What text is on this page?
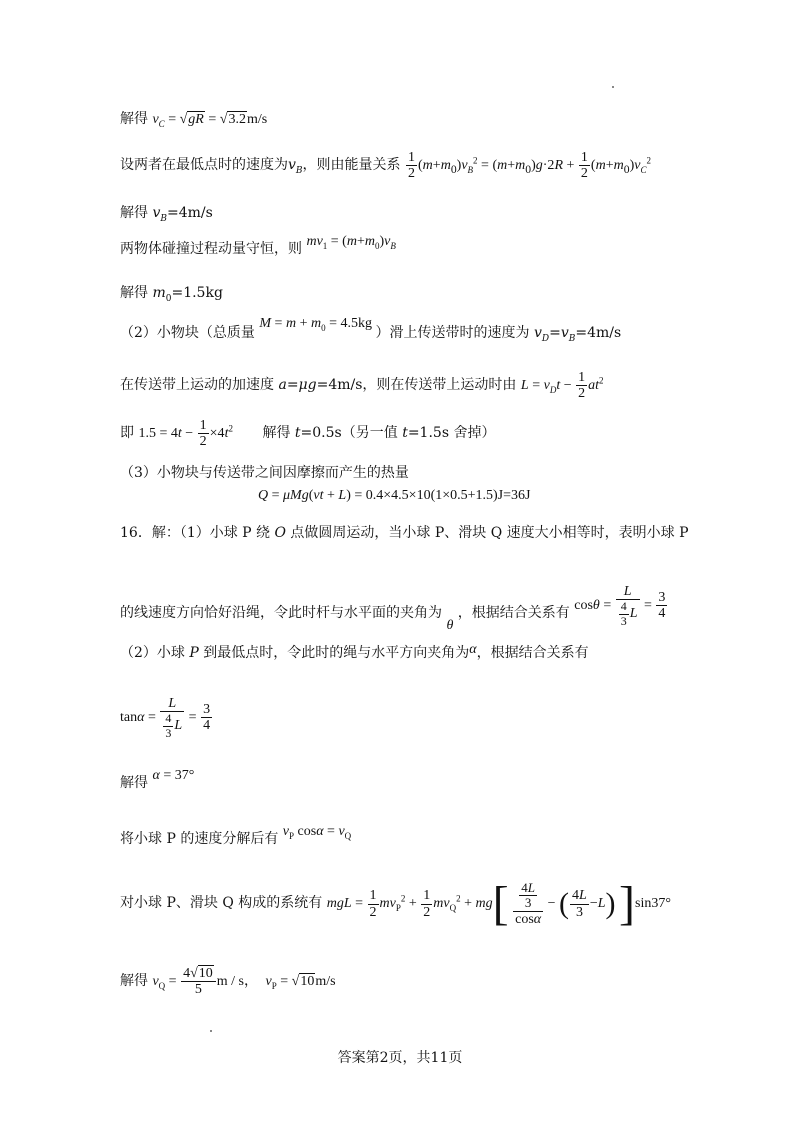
解得 $v_C = √gR = √3.2m/s$
设两者在最低点时的速度为$v_B$，则由能量关系 $\frac{1}{2} (m+m_0)v_B^2 = (m+m_0)g\cdot 2R + \frac{1}{2} (m+m_0)v_C^2$
解得 $v_B=4m/s$
两物体碰撞过程动量守恒，则 $mv_1 = (m+m_0)v_B$
解得 $m_0=1.5kg$
（2）小物块（总质量 $M = m + m_0 = 4.5kg$ ）滑上传送带时的速度为 $v_D=v_B=4m/s$
在传送带上运动的加速度 a=μg=4m/s，则在传送带上运动时由 $L = v_Dt - \frac{1}{2} at^2$
即 $1.5 = 4t - \frac{1}{2} \times 4t^2$ 解得 t=0.5s（另一值 t=1.5s 舍掉）
（3）小物块与传送带之间因摩擦而产生的热量
Q = μMg(vt + L) = 0.4×4.5×10(1×0.5+1.5)J=36J
16．解：（1）小球 P 绕 O 点做圆周运动，当小球 P、滑块 Q 速度大小相等时，表明小球 P
的线速度方向恰好沿绳，令此时杆与水平面的夹角为 θ ，根据结合关系有 $\cos\theta = \frac{L}{\frac{4}{3} L} = \frac{3}{4}$
（2）小球 P 到最低点时，令此时的绳与水平方向夹角为α，根据结合关系有
$\tan\alpha = \frac{L}{\frac{4}{3} L} = \frac{3}{4}$
解得 α = 37°
将小球 P 的速度分解后有 $v_P$ $\cos\alpha = v_Q$
对小球 P、滑块 Q 构成的系统有 mgL = $\frac{1}{2} mv_P^2 + \frac{1}{2} mv_Q^2 + mg[ \frac{\frac{4L}{3}}{\cos\alpha}$ − ( $\frac{4L}{3} -L$) ]sin37°
解得 $v_Q = \frac{4√10}{5}$ m / s， $v_P = √10m/s$
答案第2页，共11页
